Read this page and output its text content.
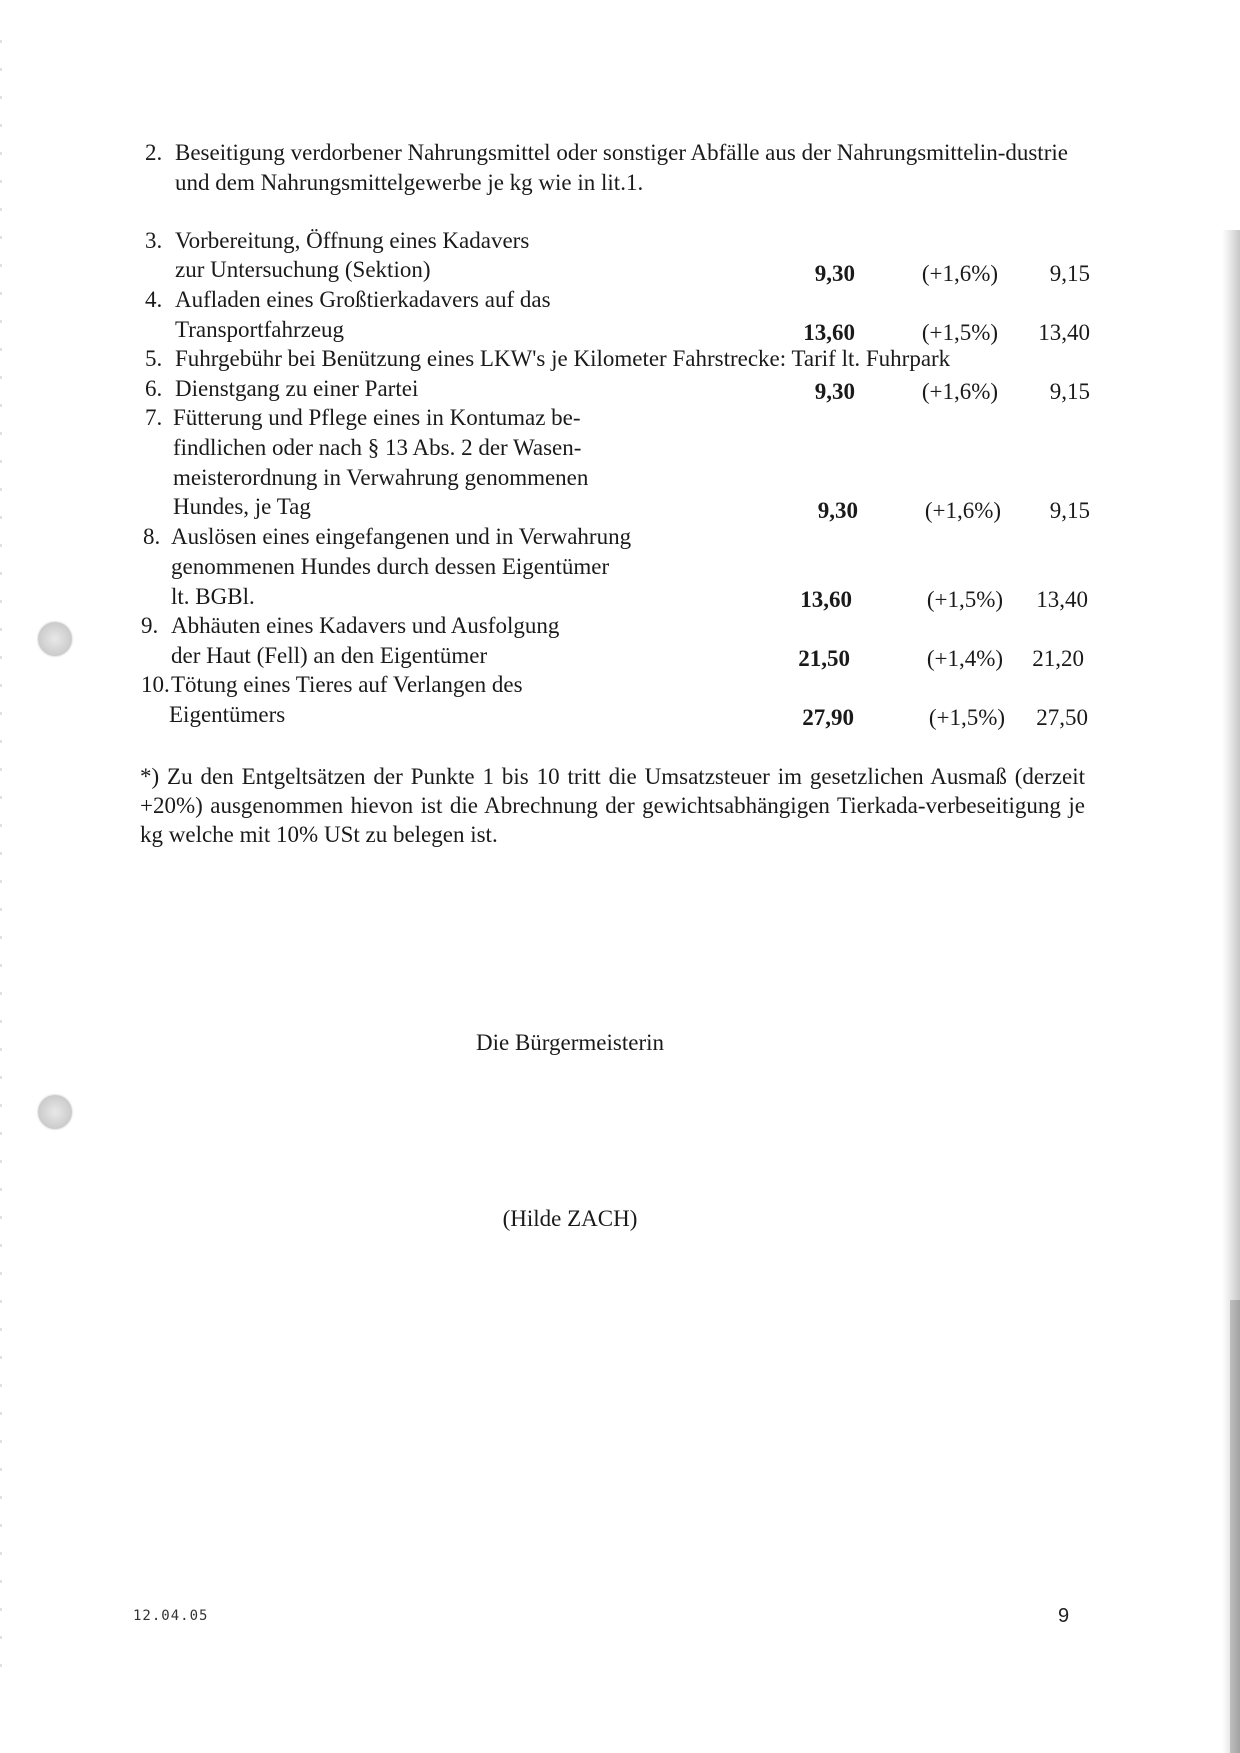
2. Beseitigung verdorbener Nahrungsmittel oder sonstiger Abfälle aus der Nahrungsmittelin-dustrie und dem Nahrungsmittelgewerbe je kg wie in lit.1.
3. Vorbereitung, Öffnung eines Kadavers
zur Untersuchung (Sektion)	9,30	(+1,6%)	9,15
4. Aufladen eines Großtierkadavers auf das
Transportfahrzeug	13,60	(+1,5%)	13,40
5. Fuhrgebühr bei Benützung eines LKW's je Kilometer Fahrstrecke: Tarif lt. Fuhrpark
6. Dienstgang zu einer Partei	9,30	(+1,6%)	9,15
7. Fütterung und Pflege eines in Kontumaz be-
findlichen oder nach § 13 Abs. 2 der Wasen-
meisterordnung in Verwahrung genommenen
Hundes, je Tag	9,30	(+1,6%)	9,15
8. Auslösen eines eingefangenen und in Verwahrung
genommenen Hundes durch dessen Eigentümer
lt. BGBl.	13,60	(+1,5%)	13,40
9. Abhäuten eines Kadavers und Ausfolgung
der Haut (Fell) an den Eigentümer	21,50	(+1,4%)	21,20
10. Tötung eines Tieres auf Verlangen des
Eigentümers	27,90	(+1,5%)	27,50
*) Zu den Entgeltsätzen der Punkte 1 bis 10 tritt die Umsatzsteuer im gesetzlichen Ausmaß (derzeit +20%) ausgenommen hievon ist die Abrechnung der gewichtsabhängigen Tierkada-verbeseitigung je kg welche mit 10% USt zu belegen ist.
Die Bürgermeisterin
(Hilde ZACH)
12.04.05	9
